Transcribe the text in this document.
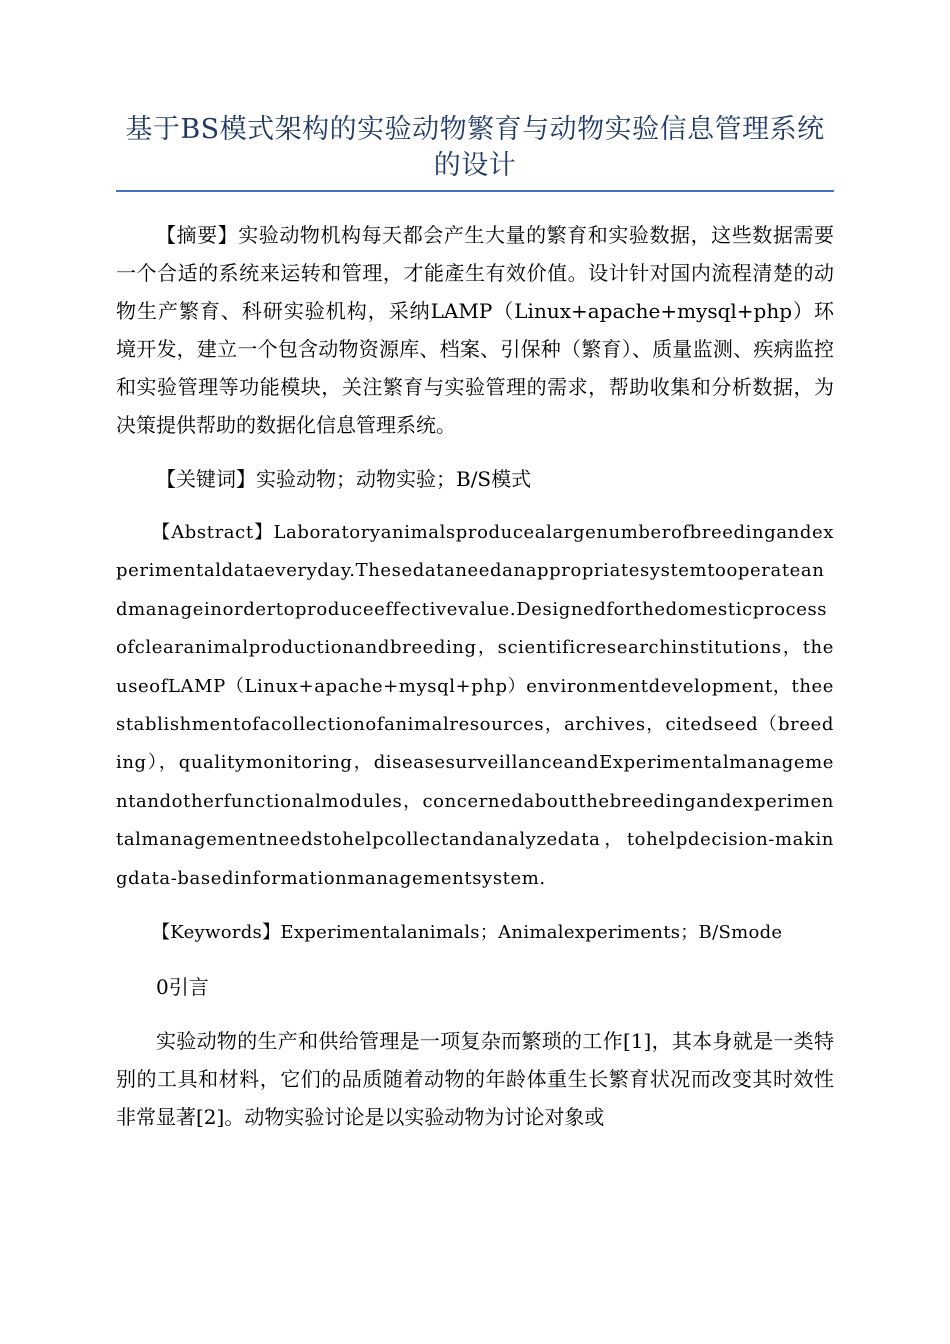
基于BS模式架构的实验动物繁育与动物实验信息管理系统的设计

【摘要】实验动物机构每天都会产生大量的繁育和实验数据，这些数据需要一个合适的系统来运转和管理，才能產生有效价值。设计针对国内流程清楚的动物生产繁育、科研实验机构，采纳LAMP（Linux+apache+mysql+php）环境开发，建立一个包含动物资源库、档案、引保种（繁育）、质量监测、疾病监控和实验管理等功能模块，关注繁育与实验管理的需求，帮助收集和分析数据，为决策提供帮助的数据化信息管理系统。

【关键词】实验动物；动物实验；B/S模式

【Abstract】Laboratoryanimalsproducealargenumberofbreedingandexperimentaldataeveryday.Thesedataneedanappropriatesystemtooperateandmanageinordertoproduceeffectivevalue.Designedforthedomesticprocessofclearanimalproductionandbreeding，scientificresearchinstitutions，theuseofLAMP（Linux+apache+mysql+php）environmentdevelopment，theestablishmentofacollectionofanimalresources，archives，citedseed（breeding），qualitymonitoring，diseasesurveillanceandExperimentalmanagementandotherfunctionalmodules，concernedaboutthebreedingandexperimentalmanagementneedstohelpcollectandanalyzedata，tohelpdecision-makingdata-basedinformationmanagementsystem.

【Keywords】Experimentalanimals；Animalexperiments；B/Smode

0引言

实验动物的生产和供给管理是一项复杂而繁琐的工作[1]，其本身就是一类特别的工具和材料，它们的品质随着动物的年龄体重生长繁育状况而改变其时效性非常显著[2]。动物实验讨论是以实验动物为讨论对象或
